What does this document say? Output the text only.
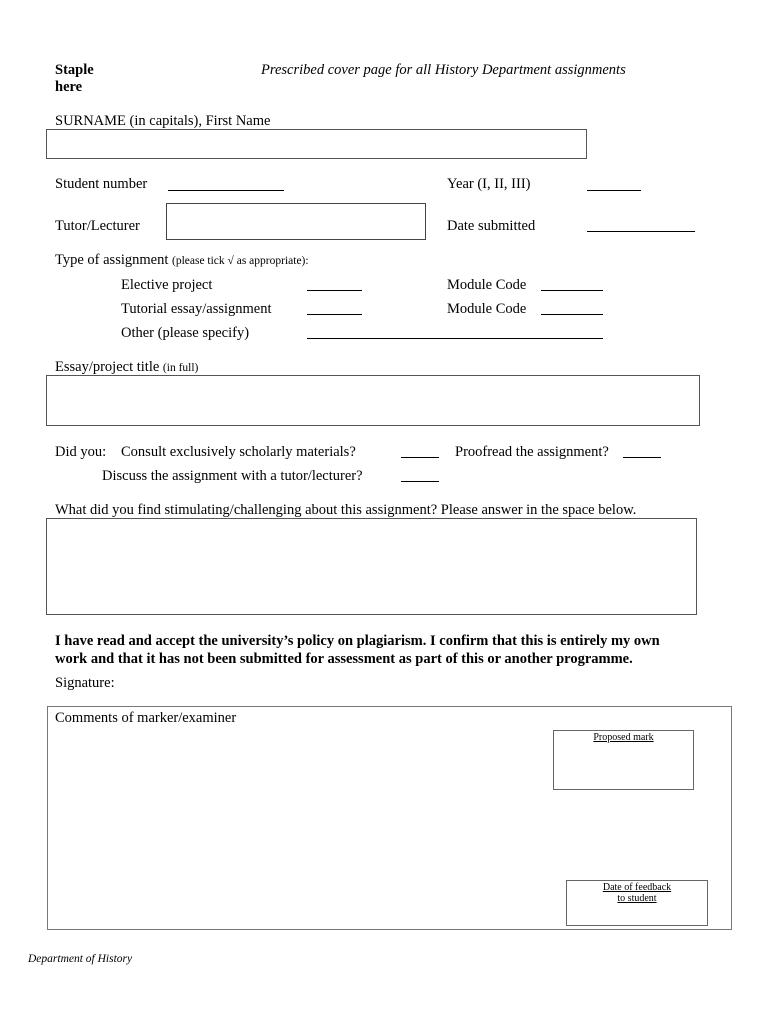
Staple
here
Prescribed cover page for all History Department assignments
SURNAME (in capitals), First Name
Student number	Year (I, II, III)
Tutor/Lecturer	Date submitted
Type of assignment (please tick √ as appropriate):
Elective project	Module Code
Tutorial essay/assignment	Module Code
Other (please specify)
Essay/project title (in full)
Did you: Consult exclusively scholarly materials?	Proofread the assignment?
Discuss the assignment with a tutor/lecturer?
What did you find stimulating/challenging about this assignment? Please answer in the space below.
I have read and accept the university’s policy on plagiarism. I confirm that this is entirely my own
work and that it has not been submitted for assessment as part of this or another programme.
Signature:
Comments of marker/examiner
Proposed mark
Date of feedback
to student
Department of History
